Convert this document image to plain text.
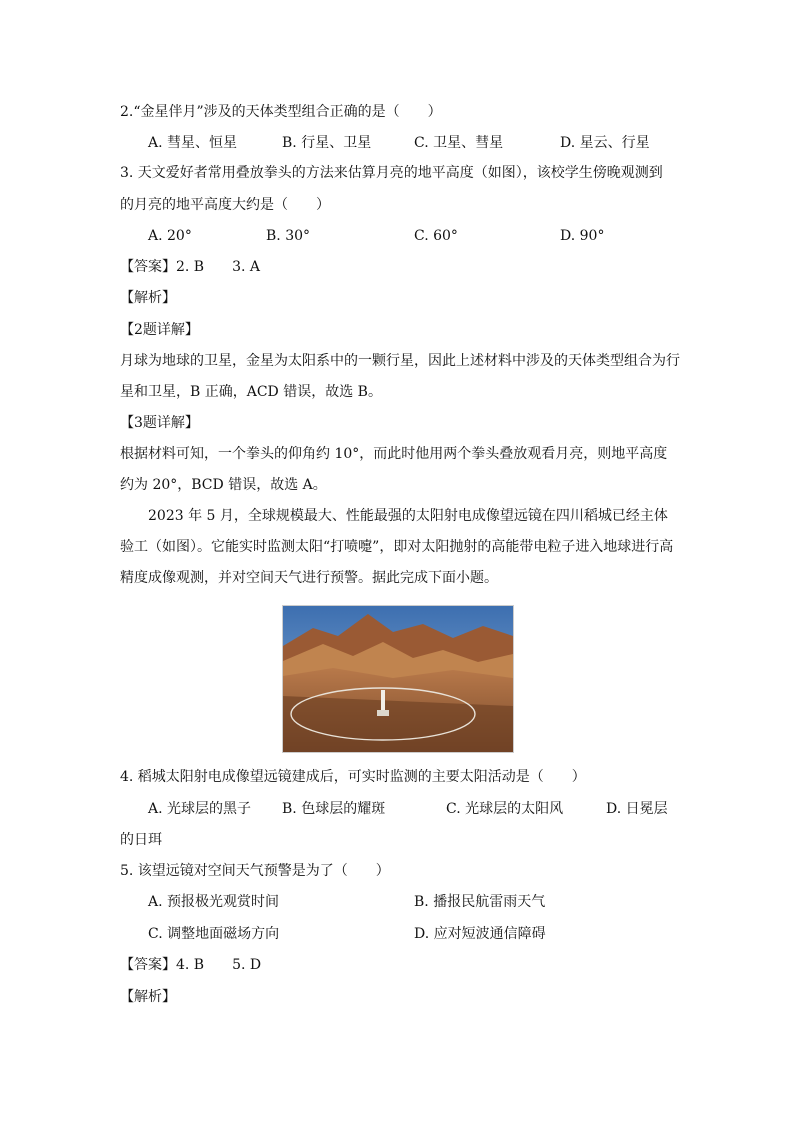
2.“金星伴月”涉及的天体类型组合正确的是（　　）
A. 彗星、恒星	B. 行星、卫星	C. 卫星、彗星	D. 星云、行星
3. 天文爱好者常用叠放拳头的方法来估算月亮的地平高度（如图），该校学生傍晚观测到
的月亮的地平高度大约是（　　）
A. 20°	B. 30°	C. 60°	D. 90°
【答案】2. B　　3. A
【解析】
【2题详解】
月球为地球的卫星，金星为太阳系中的一颗行星，因此上述材料中涉及的天体类型组合为行星和卫星，B 正确，ACD 错误，故选 B。
【3题详解】
根据材料可知，一个拳头的仰角约 10°，而此时他用两个拳头叠放观看月亮，则地平高度约为 20°，BCD 错误，故选 A。
2023 年 5 月，全球规模最大、性能最强的太阳射电成像望远镜在四川稻城已经主体验工（如图）。它能实时监测太阳“打喷嚏”，即对太阳抛射的高能带电粒子进入地球进行高精度成像观测，并对空间天气进行预警。据此完成下面小题。
4. 稻城太阳射电成像望远镜建成后，可实时监测的主要太阳活动是（　　）
A. 光球层的黑子 B. 色球层的耀斑	C. 光球层的太阳风	D. 日冕层
的日珥
5. 该望远镜对空间天气预警是为了（　　）
A. 预报极光观赏时间	B. 播报民航雷雨天气
C. 调整地面磁场方向	D. 应对短波通信障碍
【答案】4. B　　5. D
【解析】
